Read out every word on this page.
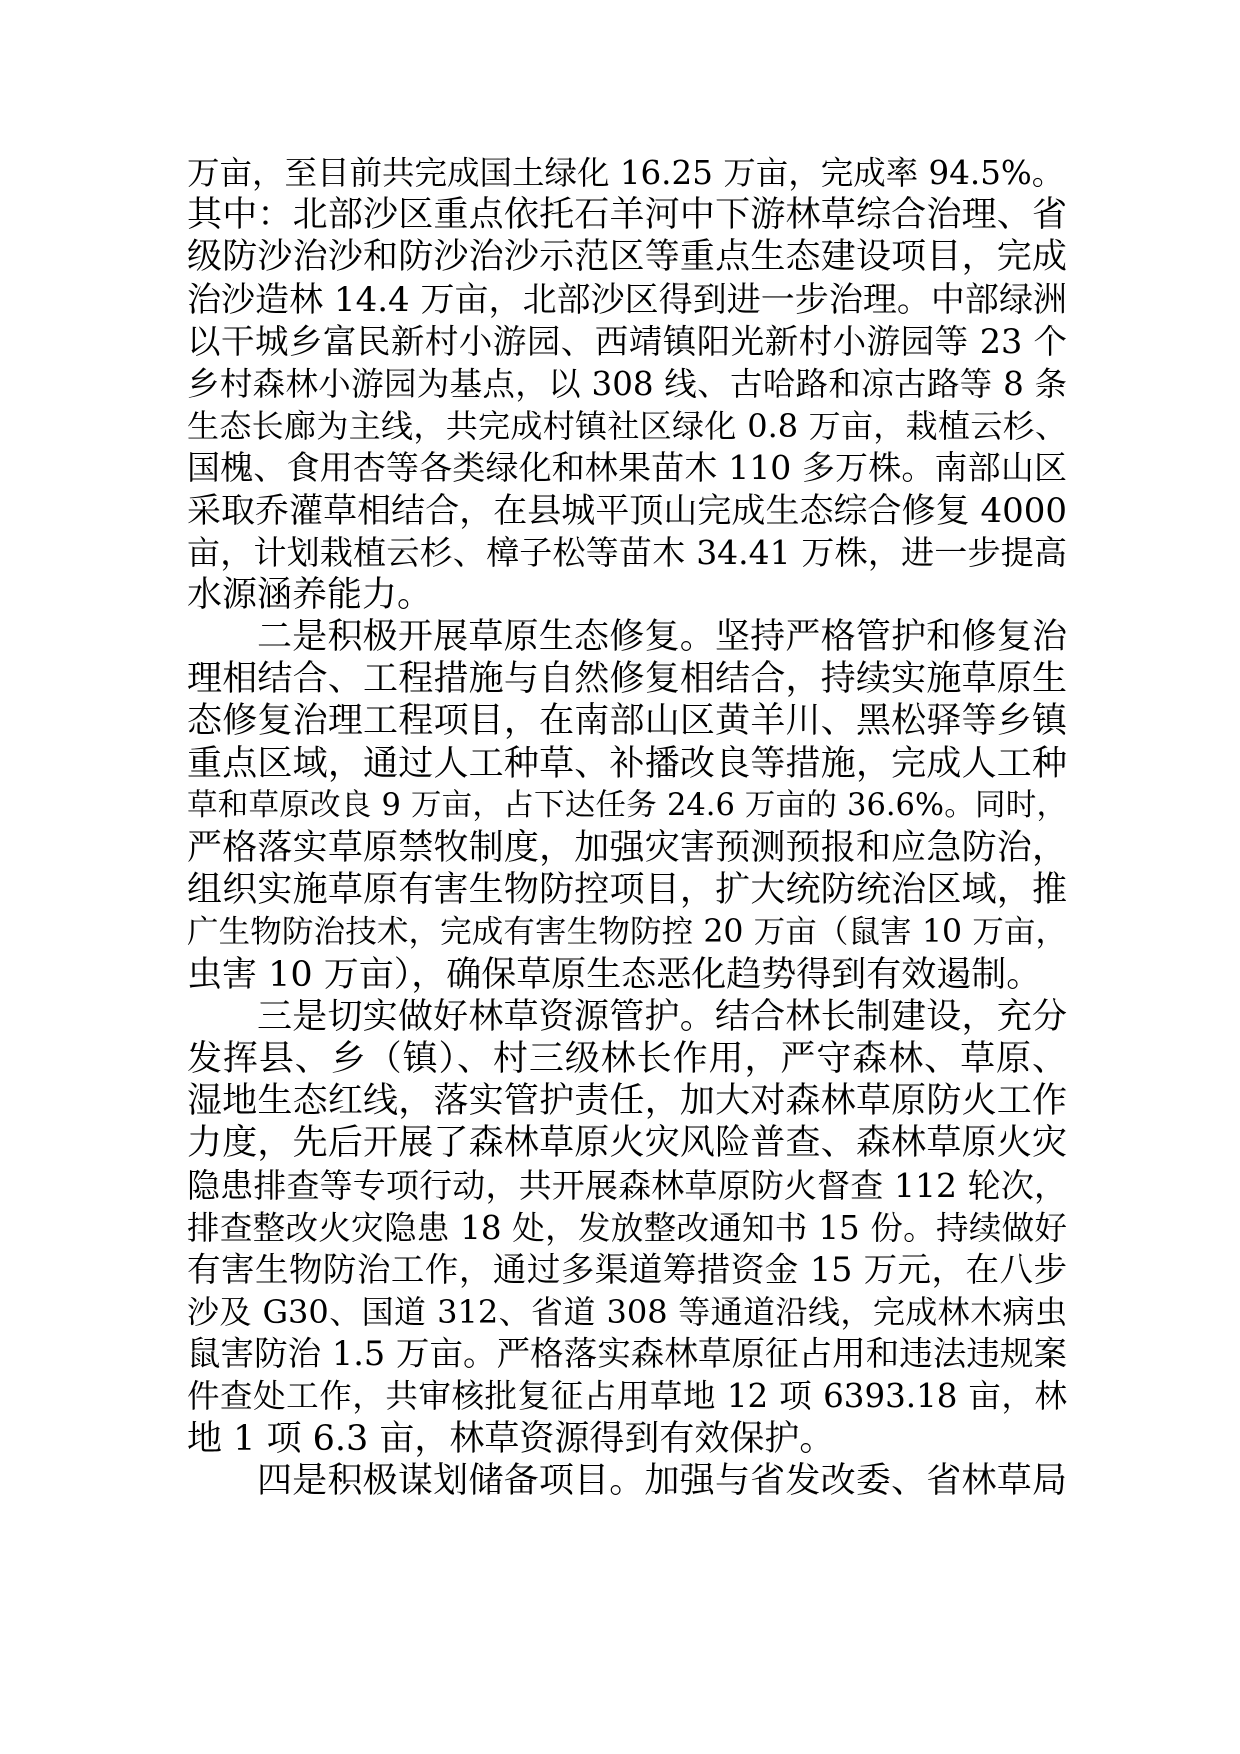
万亩，至目前共完成国土绿化 16.25 万亩，完成率 94.5%。
其中：北部沙区重点依托石羊河中下游林草综合治理、省
级防沙治沙和防沙治沙示范区等重点生态建设项目，完成
治沙造林 14.4 万亩，北部沙区得到进一步治理。中部绿洲
以干城乡富民新村小游园、西靖镇阳光新村小游园等 23 个
乡村森林小游园为基点，以 308 线、古哈路和凉古路等 8 条
生态长廊为主线，共完成村镇社区绿化 0.8 万亩，栽植云杉、
国槐、食用杏等各类绿化和林果苗木 110 多万株。南部山区
采取乔灌草相结合，在县城平顶山完成生态综合修复 4000
亩，计划栽植云杉、樟子松等苗木 34.41 万株，进一步提高
水源涵养能力。
二是积极开展草原生态修复。坚持严格管护和修复治
理相结合、工程措施与自然修复相结合，持续实施草原生
态修复治理工程项目，在南部山区黄羊川、黑松驿等乡镇
重点区域，通过人工种草、补播改良等措施，完成人工种
草和草原改良 9 万亩，占下达任务 24.6 万亩的 36.6%。同时，
严格落实草原禁牧制度，加强灾害预测预报和应急防治，
组织实施草原有害生物防控项目，扩大统防统治区域，推
广生物防治技术，完成有害生物防控 20 万亩（鼠害 10 万亩，
虫害 10 万亩），确保草原生态恶化趋势得到有效遏制。
三是切实做好林草资源管护。结合林长制建设，充分
发挥县、乡（镇）、村三级林长作用，严守森林、草原、
湿地生态红线，落实管护责任，加大对森林草原防火工作
力度，先后开展了森林草原火灾风险普查、森林草原火灾
隐患排查等专项行动，共开展森林草原防火督查 112 轮次，
排查整改火灾隐患 18 处，发放整改通知书 15 份。持续做好
有害生物防治工作，通过多渠道筹措资金 15 万元，在八步
沙及 G30、国道 312、省道 308 等通道沿线，完成林木病虫
鼠害防治 1.5 万亩。严格落实森林草原征占用和违法违规案
件查处工作，共审核批复征占用草地 12 项 6393.18 亩，林
地 1 项 6.3 亩，林草资源得到有效保护。
四是积极谋划储备项目。加强与省发改委、省林草局
